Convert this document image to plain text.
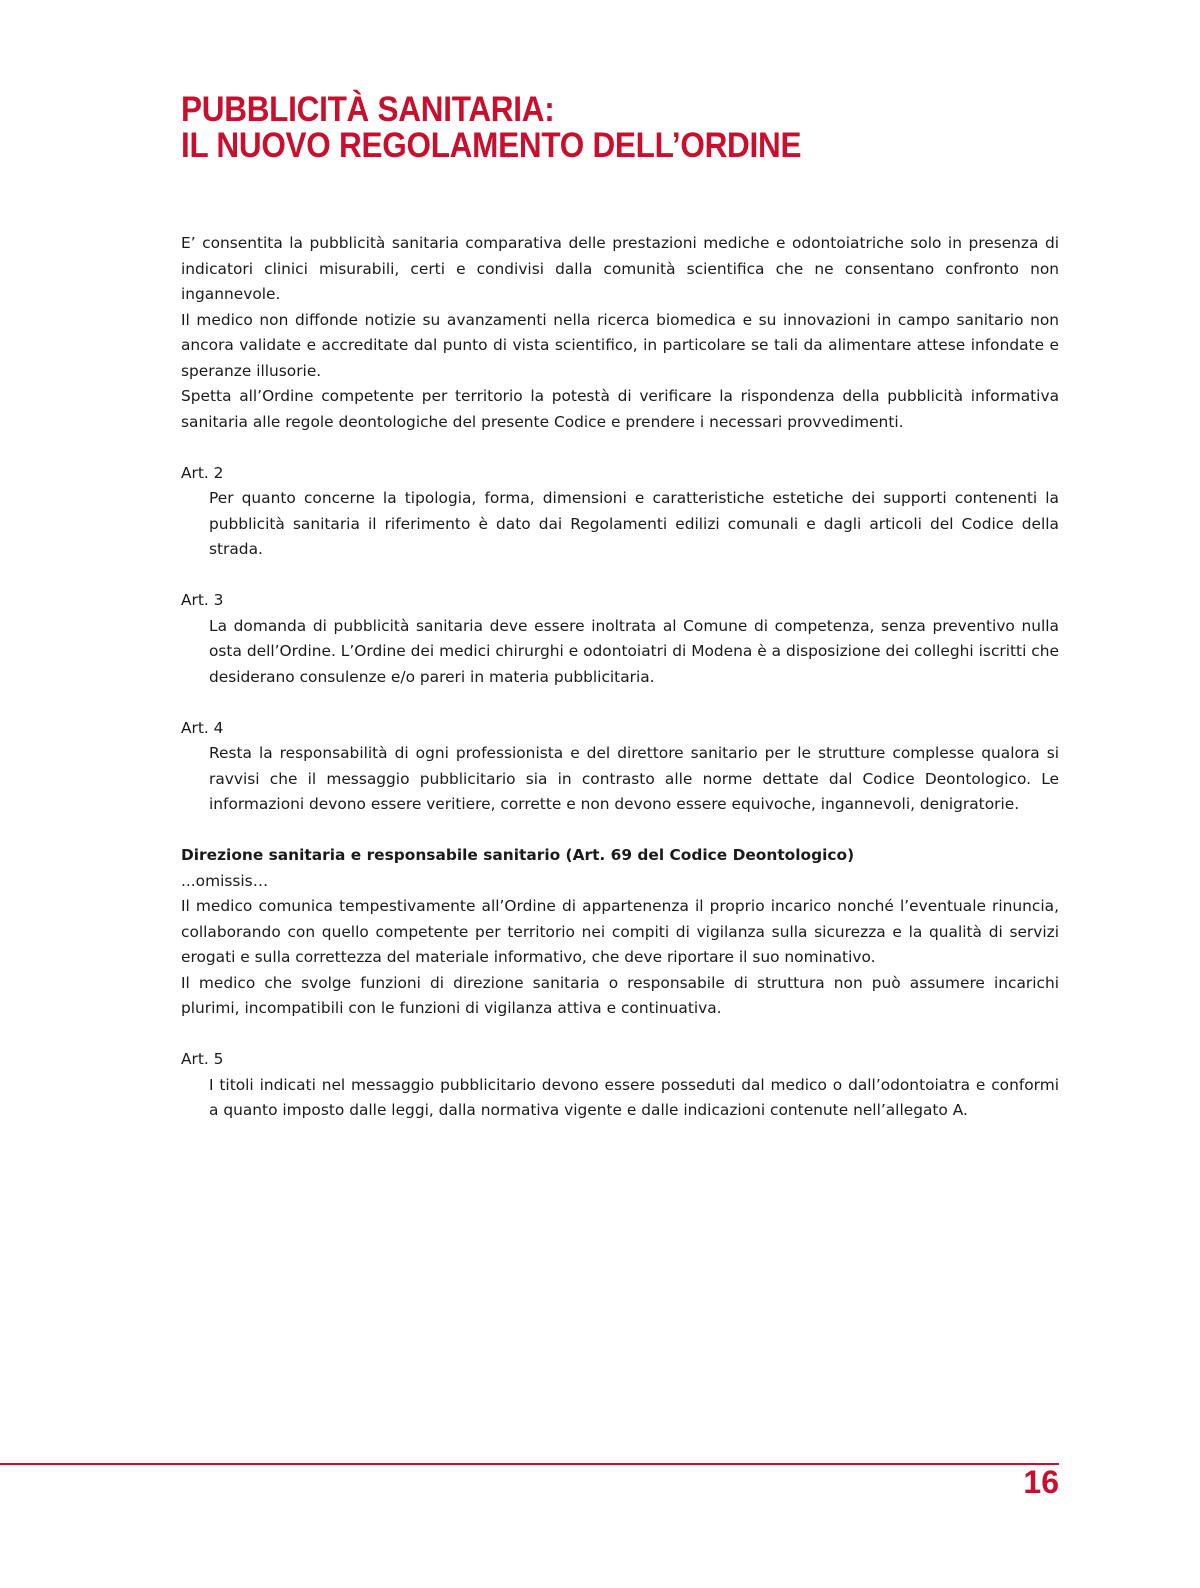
PUBBLICITÀ SANITARIA:
IL NUOVO REGOLAMENTO DELL’ORDINE

E’ consentita la pubblicità sanitaria comparativa delle prestazioni mediche e odontoiatriche solo in presenza di indicatori clinici misurabili, certi e condivisi dalla comunità scientifica che ne consentano confronto non ingannevole.

Il medico non diffonde notizie su avanzamenti nella ricerca biomedica e su innovazioni in campo sanitario non ancora validate e accreditate dal punto di vista scientifico, in particolare se tali da alimentare attese infondate e speranze illusorie.

Spetta all’Ordine competente per territorio la potestà di verificare la rispondenza della pubblicità informativa sanitaria alle regole deontologiche del presente Codice e prendere i necessari provvedimenti.

Art. 2

Per quanto concerne la tipologia, forma, dimensioni e caratteristiche estetiche dei supporti contenenti la pubblicità sanitaria il riferimento è dato dai Regolamenti edilizi comunali e dagli articoli del Codice della strada.

Art. 3

La domanda di pubblicità sanitaria deve essere inoltrata al Comune di competenza, senza preventivo nulla osta dell’Ordine. L’Ordine dei medici chirurghi e odontoiatri di Modena è a disposizione dei colleghi iscritti che desiderano consulenze e/o pareri in materia pubblicitaria.

Art. 4

Resta la responsabilità di ogni professionista e del direttore sanitario per le strutture complesse qualora si ravvisi che il messaggio pubblicitario sia in contrasto alle norme dettate dal Codice Deontologico. Le informazioni devono essere veritiere, corrette e non devono essere equivoche, ingannevoli, denigratorie.

Direzione sanitaria e responsabile sanitario (Art. 69 del Codice Deontologico)

...omissis…

Il medico comunica tempestivamente all’Ordine di appartenenza il proprio incarico nonché l’eventuale rinuncia, collaborando con quello competente per territorio nei compiti di vigilanza sulla sicurezza e la qualità di servizi erogati e sulla correttezza del materiale informativo, che deve riportare il suo nominativo.

Il medico che svolge funzioni di direzione sanitaria o responsabile di struttura non può assumere incarichi plurimi, incompatibili con le funzioni di vigilanza attiva e continuativa.

Art. 5

I titoli indicati nel messaggio pubblicitario devono essere posseduti dal medico o dall’odontoiatra e conformi a quanto imposto dalle leggi, dalla normativa vigente e dalle indicazioni contenute nell’allegato A.

16
